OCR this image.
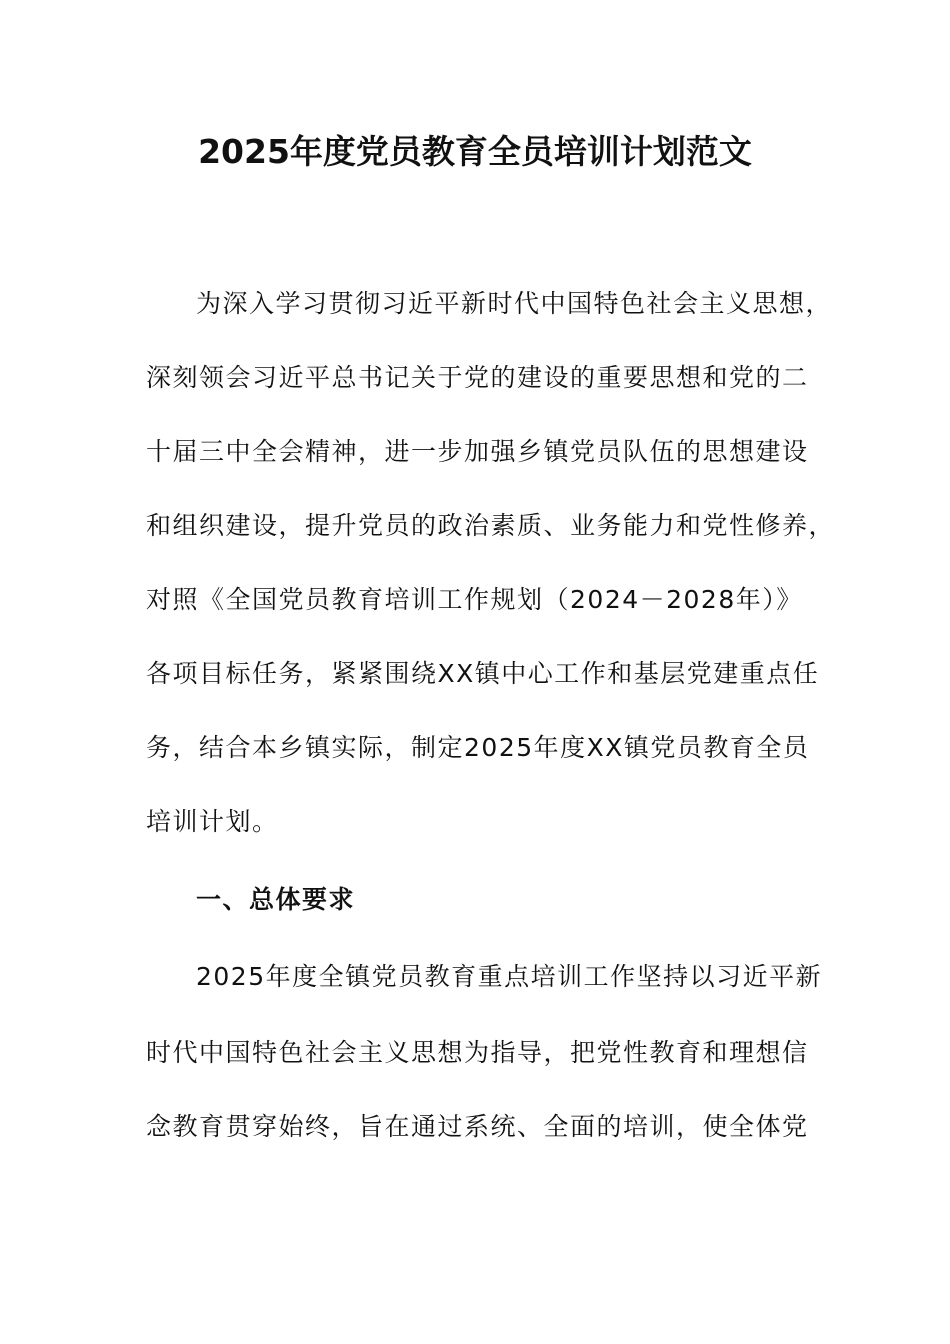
2025年度党员教育全员培训计划范文
为深入学习贯彻习近平新时代中国特色社会主义思想，
深刻领会习近平总书记关于党的建设的重要思想和党的二
十届三中全会精神，进一步加强乡镇党员队伍的思想建设
和组织建设，提升党员的政治素质、业务能力和党性修养，
对照《全国党员教育培训工作规划（2024－2028年）》
各项目标任务，紧紧围绕XX镇中心工作和基层党建重点任
务，结合本乡镇实际，制定2025年度XX镇党员教育全员
培训计划。
一、总体要求
2025年度全镇党员教育重点培训工作坚持以习近平新
时代中国特色社会主义思想为指导，把党性教育和理想信
念教育贯穿始终，旨在通过系统、全面的培训，使全体党
